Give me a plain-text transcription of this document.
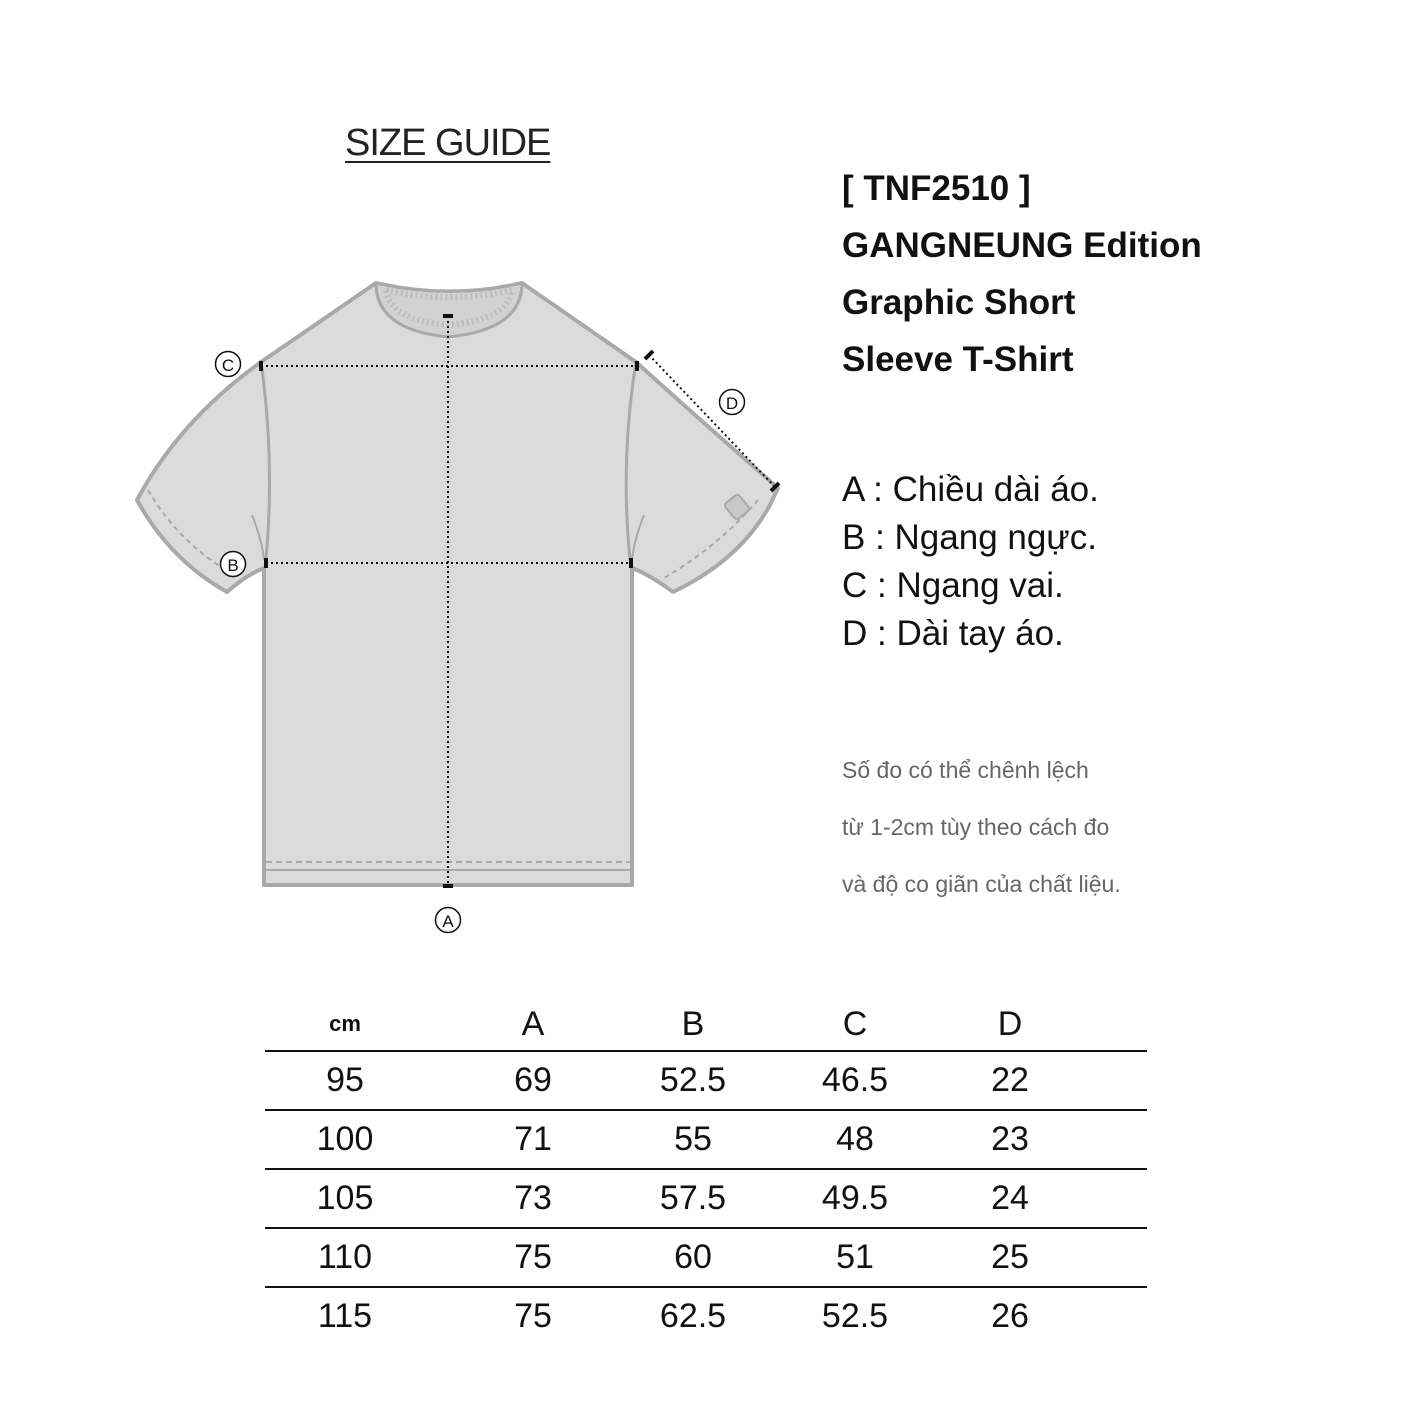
SIZE GUIDE
[ TNF2510 ]
GANGNEUNG Edition
Graphic Short
Sleeve T-Shirt
A
B
C
D
A : Chiều dài áo.
B : Ngang ngực.
C : Ngang vai.
D : Dài tay áo.
Số đo có thể chênh lệch
từ 1-2cm tùy theo cách đo
và độ co giãn của chất liệu.
cm	A	B	C	D
95	69	52.5	46.5	22
100	71	55	48	23
105	73	57.5	49.5	24
110	75	60	51	25
115	75	62.5	52.5	26
